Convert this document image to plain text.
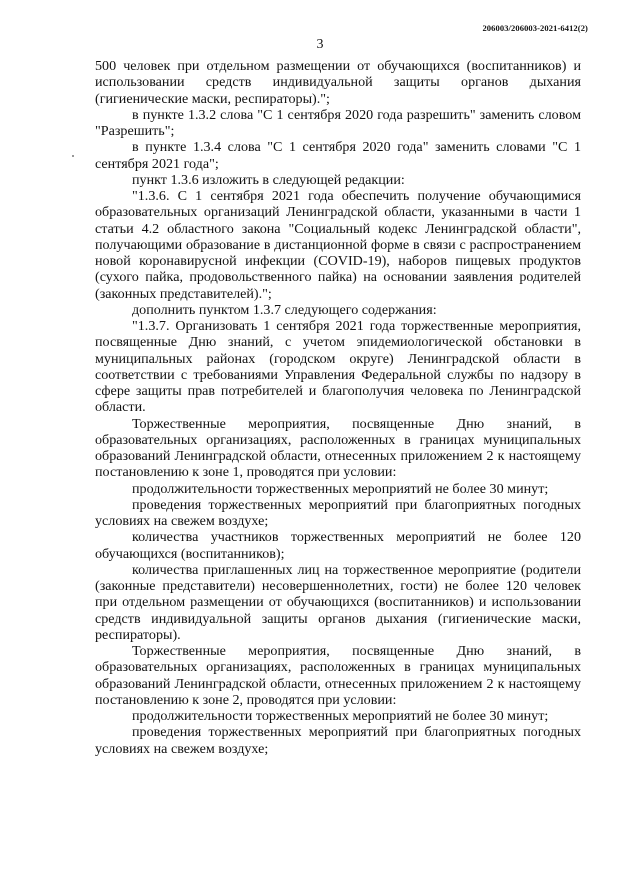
206003/206003-2021-6412(2)
3

500 человек при отдельном размещении от обучающихся (воспитанников) и использовании средств индивидуальной защиты органов дыхания (гигиенические маски, респираторы).";

в пункте 1.3.2 слова "С 1 сентября 2020 года разрешить" заменить словом "Разрешить";

в пункте 1.3.4 слова "С 1 сентября 2020 года" заменить словами "С 1 сентября 2021 года";

пункт 1.3.6 изложить в следующей редакции:

"1.3.6. С 1 сентября 2021 года обеспечить получение обучающимися образовательных организаций Ленинградской области, указанными в части 1 статьи 4.2 областного закона "Социальный кодекс Ленинградской области", получающими образование в дистанционной форме в связи с распространением новой коронавирусной инфекции (COVID-19), наборов пищевых продуктов (сухого пайка, продовольственного пайка) на основании заявления родителей (законных представителей).";

дополнить пунктом 1.3.7 следующего содержания:

"1.3.7. Организовать 1 сентября 2021 года торжественные мероприятия, посвященные Дню знаний, с учетом эпидемиологической обстановки в муниципальных районах (городском округе) Ленинградской области в соответствии с требованиями Управления Федеральной службы по надзору в сфере защиты прав потребителей и благополучия человека по Ленинградской области.

Торжественные мероприятия, посвященные Дню знаний, в образовательных организациях, расположенных в границах муниципальных образований Ленинградской области, отнесенных приложением 2 к настоящему постановлению к зоне 1, проводятся при условии:

продолжительности торжественных мероприятий не более 30 минут;

проведения торжественных мероприятий при благоприятных погодных условиях на свежем воздухе;

количества участников торжественных мероприятий не более 120 обучающихся (воспитанников);

количества приглашенных лиц на торжественное мероприятие (родители (законные представители) несовершеннолетних, гости) не более 120 человек при отдельном размещении от обучающихся (воспитанников) и использовании средств индивидуальной защиты органов дыхания (гигиенические маски, респираторы).

Торжественные мероприятия, посвященные Дню знаний, в образовательных организациях, расположенных в границах муниципальных образований Ленинградской области, отнесенных приложением 2 к настоящему постановлению к зоне 2, проводятся при условии:

продолжительности торжественных мероприятий не более 30 минут;

проведения торжественных мероприятий при благоприятных погодных условиях на свежем воздухе;
